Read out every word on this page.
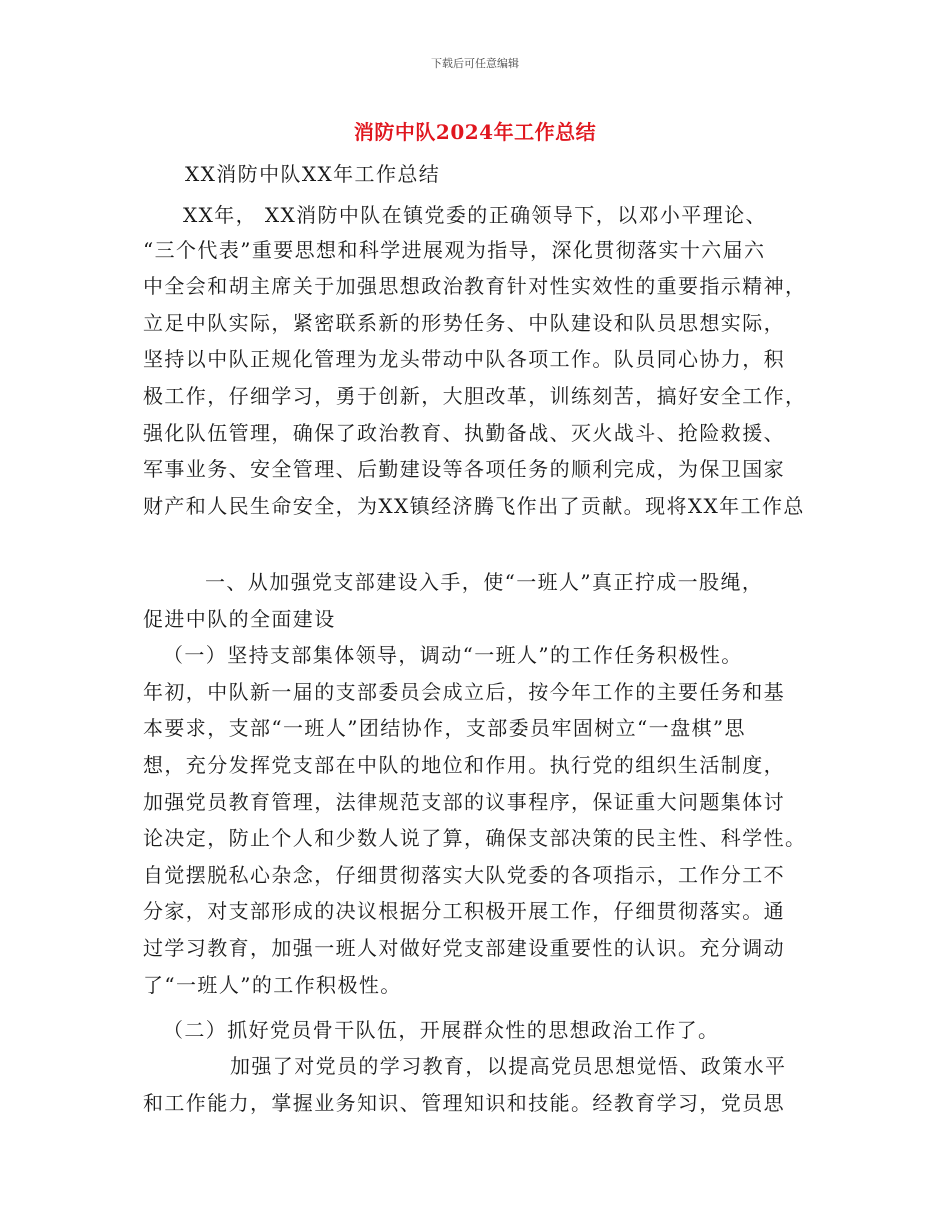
下载后可任意编辑
消防中队2024年工作总结
XX消防中队XX年工作总结
XX年， XX消防中队在镇党委的正确领导下，以邓小平理论、
“三个代表”重要思想和科学进展观为指导，深化贯彻落实十六届六
中全会和胡主席关于加强思想政治教育针对性实效性的重要指示精神，
立足中队实际，紧密联系新的形势任务、中队建设和队员思想实际，
坚持以中队正规化管理为龙头带动中队各项工作。队员同心协力，积
极工作，仔细学习，勇于创新，大胆改革，训练刻苦，搞好安全工作，
强化队伍管理，确保了政治教育、执勤备战、灭火战斗、抢险救援、
军事业务、安全管理、后勤建设等各项任务的顺利完成，为保卫国家
财产和人民生命安全，为XX镇经济腾飞作出了贡献。现将XX年工作总
一、从加强党支部建设入手，使“一班人”真正拧成一股绳，
促进中队的全面建设
（一）坚持支部集体领导，调动“一班人”的工作任务积极性。
年初，中队新一届的支部委员会成立后，按今年工作的主要任务和基
本要求，支部“一班人”团结协作，支部委员牢固树立“一盘棋”思
想，充分发挥党支部在中队的地位和作用。执行党的组织生活制度，
加强党员教育管理，法律规范支部的议事程序，保证重大问题集体讨
论决定，防止个人和少数人说了算，确保支部决策的民主性、科学性。
自觉摆脱私心杂念，仔细贯彻落实大队党委的各项指示，工作分工不
分家，对支部形成的决议根据分工积极开展工作，仔细贯彻落实。通
过学习教育，加强一班人对做好党支部建设重要性的认识。充分调动
了“一班人”的工作积极性。
（二）抓好党员骨干队伍，开展群众性的思想政治工作了。
加强了对党员的学习教育，以提高党员思想觉悟、政策水平
和工作能力，掌握业务知识、管理知识和技能。经教育学习，党员思
